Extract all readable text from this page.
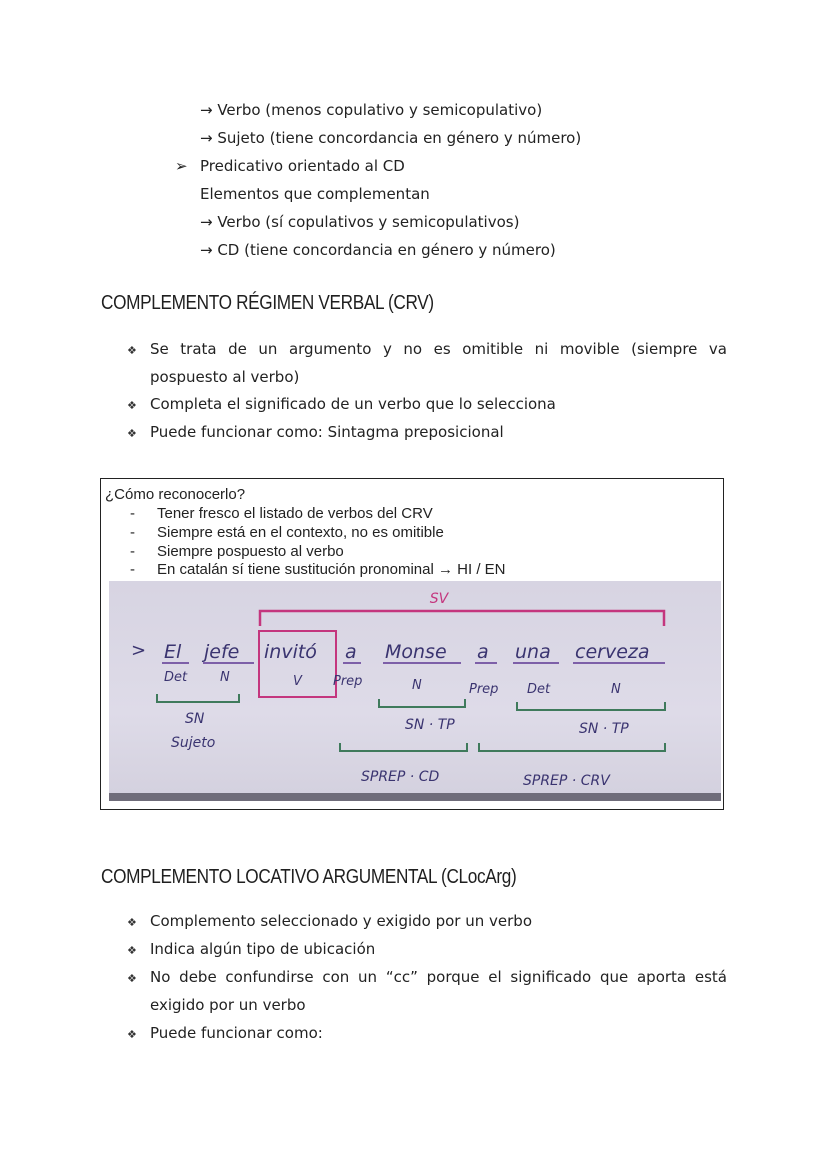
→ Verbo (menos copulativo y semicopulativo)
→ Sujeto (tiene concordancia en género y número)
➢ Predicativo orientado al CD
Elementos que complementan
→ Verbo (sí copulativos y semicopulativos)
→ CD (tiene concordancia en género y número)
COMPLEMENTO RÉGIMEN VERBAL (CRV)
❖ Se trata de un argumento y no es omitible ni movible (siempre va pospuesto al verbo)
❖ Completa el significado de un verbo que lo selecciona
❖ Puede funcionar como: Sintagma preposicional
¿Cómo reconocerlo?
- Tener fresco el listado de verbos del CRV
- Siempre está en el contexto, no es omitible
- Siempre pospuesto al verbo
- En catalán sí tiene sustitución pronominal → HI / EN
SV
> El jefe invitó a Monse a una cerveza
Det	N	V Prep	N	Prep Det	N
SN
Sujeto
SN · TP	SN · TP
SPREP · CD	SPREP · CRV
COMPLEMENTO LOCATIVO ARGUMENTAL (CLocArg)
❖ Complemento seleccionado y exigido por un verbo
❖ Indica algún tipo de ubicación
❖ No debe confundirse con un “cc” porque el significado que aporta está exigido por un verbo
❖ Puede funcionar como:
